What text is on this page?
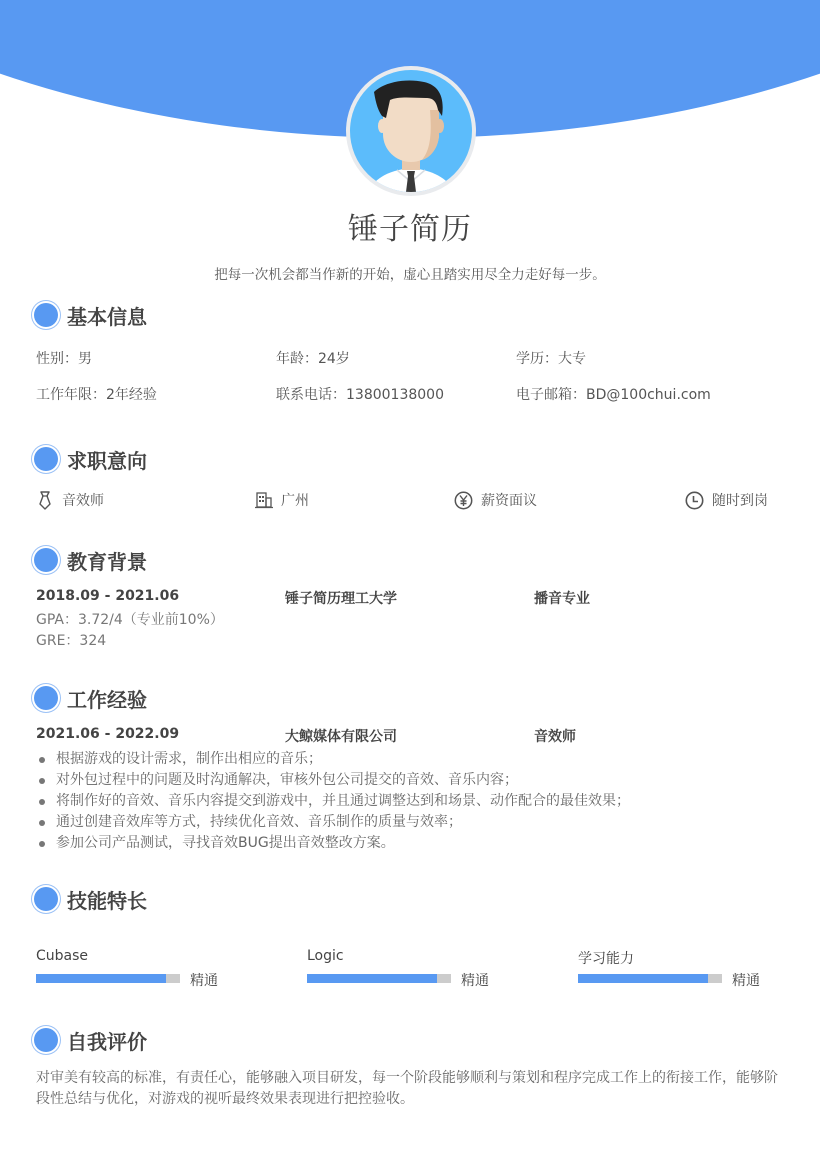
锤子简历
把每一次机会都当作新的开始，虚心且踏实用尽全力走好每一步。
基本信息
性别：男	年龄：24岁	学历：大专
工作年限：2年经验	联系电话：13800138000	电子邮箱：BD@100chui.com
求职意向
音效师	广州	薪资面议	随时到岗
教育背景
2018.09 - 2021.06	锤子简历理工大学	播音专业
GPA：3.72/4（专业前10%）
GRE：324
工作经验
2021.06 - 2022.09	大鲸媒体有限公司	音效师
根据游戏的设计需求，制作出相应的音乐；
对外包过程中的问题及时沟通解决，审核外包公司提交的音效、音乐内容；
将制作好的音效、音乐内容提交到游戏中，并且通过调整达到和场景、动作配合的最佳效果；
通过创建音效库等方式，持续优化音效、音乐制作的质量与效率；
参加公司产品测试，寻找音效BUG提出音效整改方案。
技能特长
Cubase
精通
Logic
精通
学习能力
精通
自我评价
对审美有较高的标准，有责任心，能够融入项目研发，每一个阶段能够顺利与策划和程序完成工作上的衔接工作，能够阶段性总结与优化，对游戏的视听最终效果表现进行把控验收。
